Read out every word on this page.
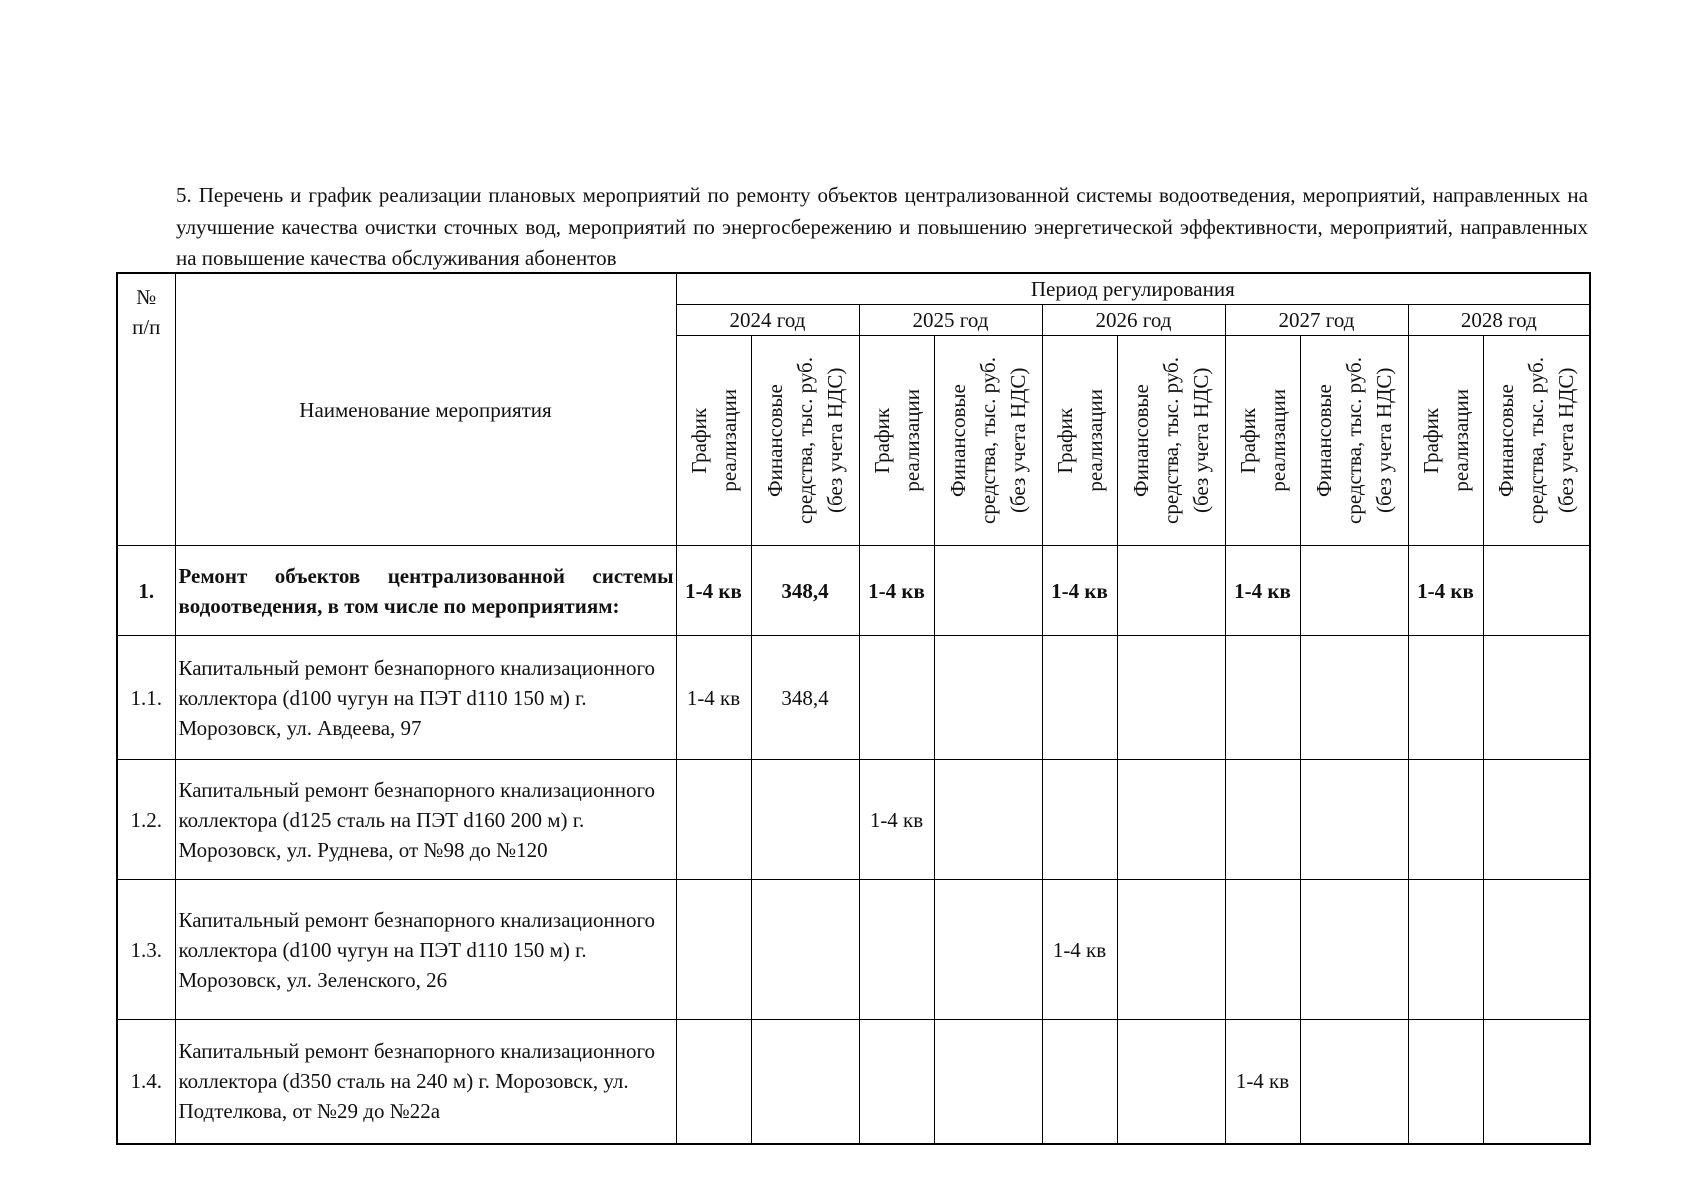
5. Перечень и график реализации плановых мероприятий по ремонту объектов централизованной системы водоотведения, мероприятий, направленных на улучшение качества очистки сточных вод, мероприятий по энергосбережению и повышению энергетической эффективности, мероприятий, направленных на повышение качества обслуживания абонентов

№
п/п	Наименование мероприятия	Период регулирования									
		2024 год		2025 год		2026 год		2027 год		2028 год	

		График реализации	Финансовые средства, тыс. руб. (без учета НДС)	График реализации	Финансовые средства, тыс. руб. (без учета НДС)	График реализации	Финансовые средства, тыс. руб. (без учета НДС)	График реализации	Финансовые средства, тыс. руб. (без учета НДС)	График реализации	Финансовые средства, тыс. руб. (без учета НДС)

1.	Ремонт объектов централизованной системы водоотведения, в том числе по мероприятиям:	1-4 кв	348,4	1-4 кв		1-4 кв		1-4 кв		1-4 кв	
1.1.	Капитальный ремонт безнапорного кнализационного коллектора (d100 чугун на ПЭТ d110 150 м) г. Морозовск, ул. Авдеева, 97	1-4 кв	348,4								
1.2.	Капитальный ремонт безнапорного кнализационного коллектора (d125 сталь на ПЭТ d160 200 м) г. Морозовск, ул. Руднева, от №98 до №120			1-4 кв							
1.3.	Капитальный ремонт безнапорного кнализационного коллектора (d100 чугун на ПЭТ d110 150 м) г. Морозовск, ул. Зеленского, 26					1-4 кв					
1.4.	Капитальный ремонт безнапорного кнализационного коллектора (d350 сталь на 240 м) г. Морозовск, ул. Подтелкова, от №29 до №22а							1-4 кв			
